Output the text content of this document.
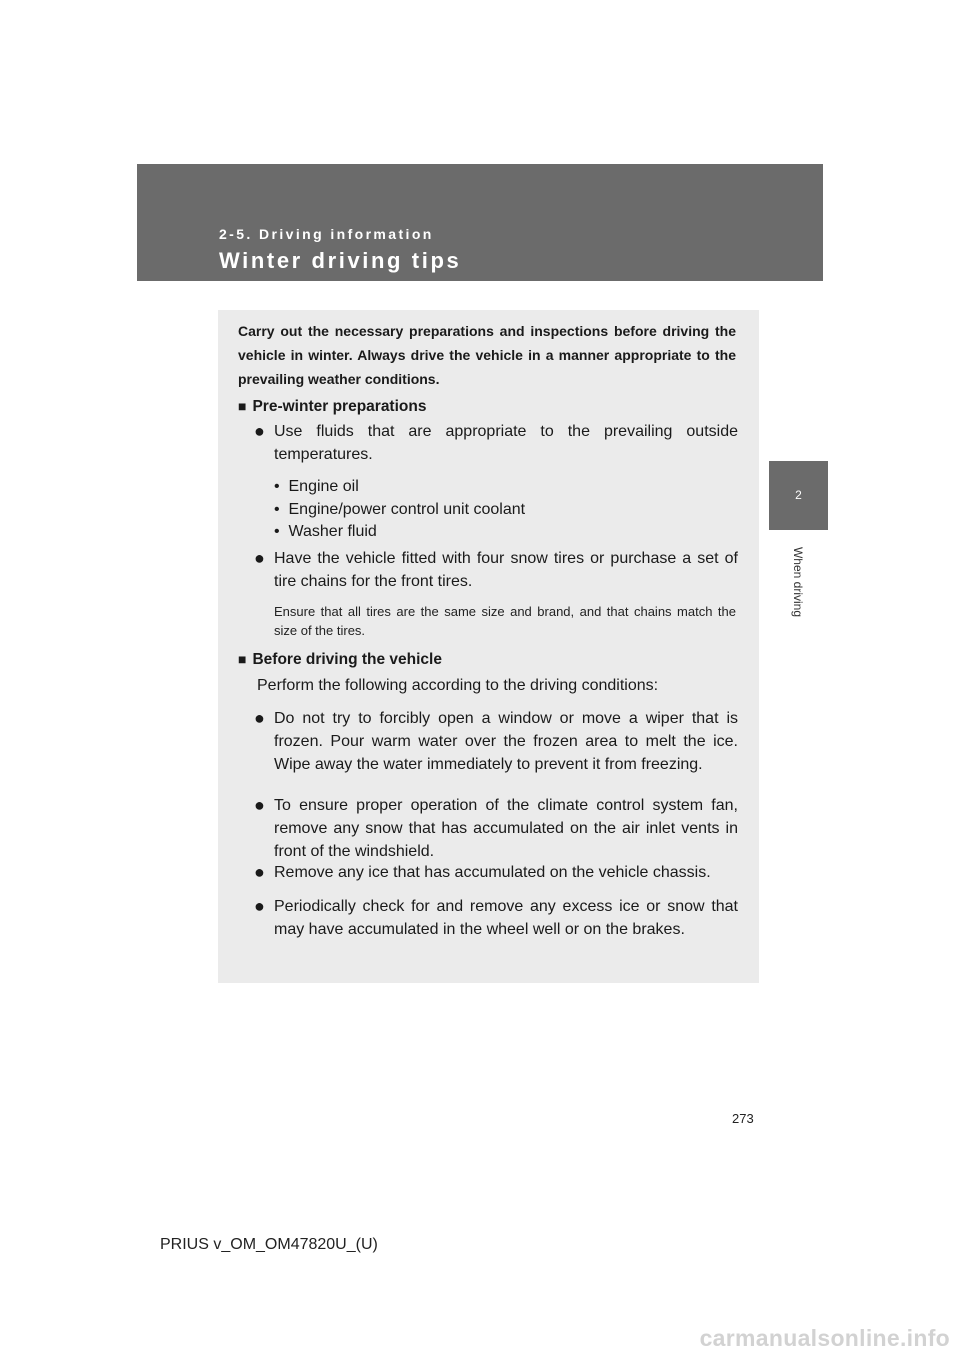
2-5. Driving information
Winter driving tips
2
When driving
Carry out the necessary preparations and inspections before driving the vehicle in winter. Always drive the vehicle in a manner appropriate to the prevailing weather conditions.
■ Pre-winter preparations
● Use fluids that are appropriate to the prevailing outside temperatures.
• Engine oil
• Engine/power control unit coolant
• Washer fluid
● Have the vehicle fitted with four snow tires or purchase a set of tire chains for the front tires.
Ensure that all tires are the same size and brand, and that chains match the size of the tires.
■ Before driving the vehicle
Perform the following according to the driving conditions:
● Do not try to forcibly open a window or move a wiper that is frozen. Pour warm water over the frozen area to melt the ice. Wipe away the water immediately to prevent it from freezing.
● To ensure proper operation of the climate control system fan, remove any snow that has accumulated on the air inlet vents in front of the windshield.
● Remove any ice that has accumulated on the vehicle chassis.
● Periodically check for and remove any excess ice or snow that may have accumulated in the wheel well or on the brakes.
273
PRIUS v_OM_OM47820U_(U)
carmanualsonline.info
